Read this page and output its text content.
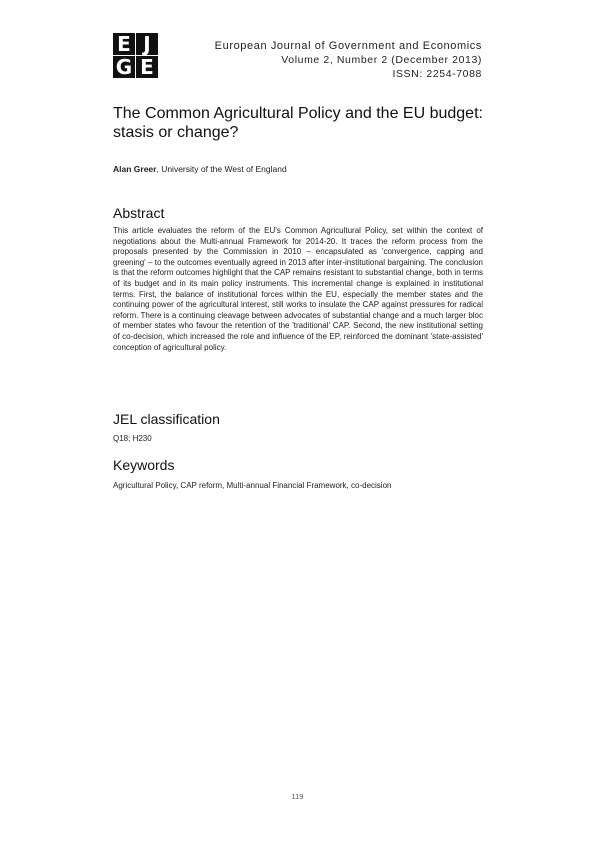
E J
G E
European Journal of Government and Economics
Volume 2, Number 2 (December 2013)
ISSN: 2254-7088
The Common Agricultural Policy and the EU budget: stasis or change?
Alan Greer, University of the West of England
Abstract

This article evaluates the reform of the EU's Common Agricultural Policy, set within the context of negotiations about the Multi-annual Framework for 2014-20. It traces the reform process from the proposals presented by the Commission in 2010 – encapsulated as 'convergence, capping and greening' – to the outcomes eventually agreed in 2013 after inter-institutional bargaining. The conclusion is that the reform outcomes highlight that the CAP remains resistant to substantial change, both in terms of its budget and in its main policy instruments. This incremental change is explained in institutional terms. First, the balance of institutional forces within the EU, especially the member states and the continuing power of the agricultural interest, still works to insulate the CAP against pressures for radical reform. There is a continuing cleavage between advocates of substantial change and a much larger bloc of member states who favour the retention of the 'traditional' CAP. Second, the new institutional setting of co-decision, which increased the role and influence of the EP, reinforced the dominant 'state-assisted' conception of agricultural policy.

JEL classification

Q18; H230

Keywords

Agricultural Policy, CAP reform, Multi-annual Financial Framework, co-decision

119
